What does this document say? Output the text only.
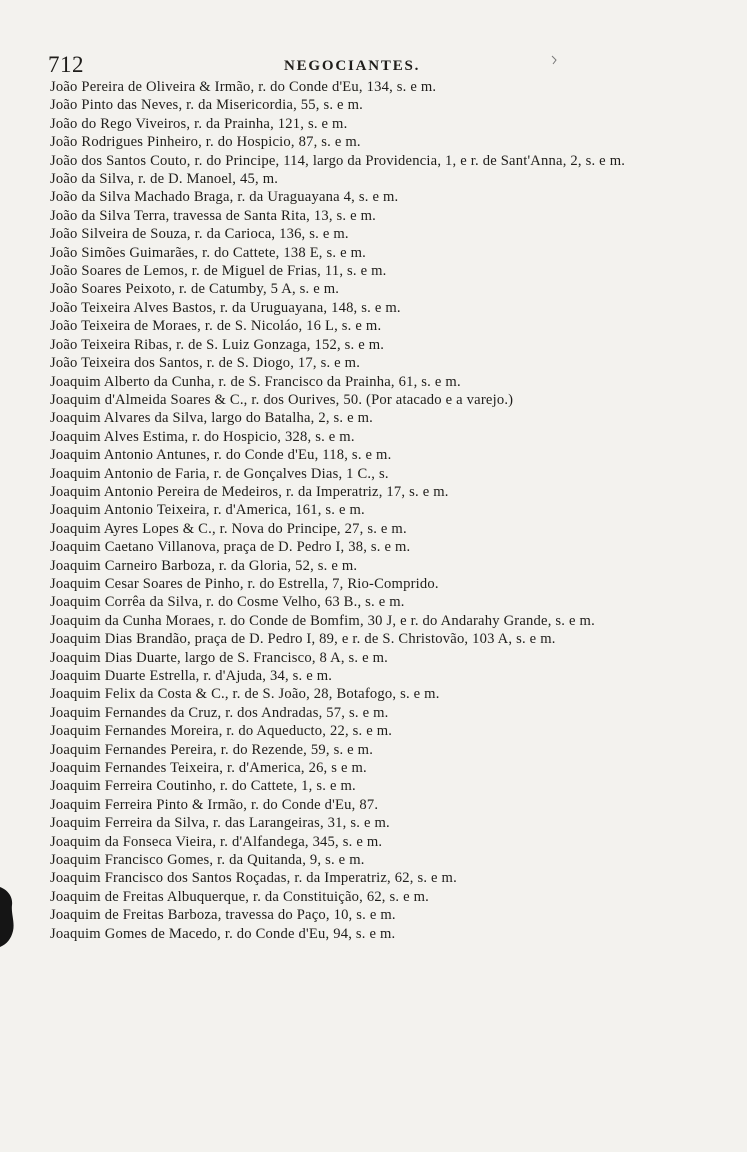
712	NEGOCIANTES.
João Pereira de Oliveira & Irmão, r. do Conde d'Eu, 134, s. e m.
João Pinto das Neves, r. da Misericordia, 55, s. e m.
João do Rego Viveiros, r. da Prainha, 121, s. e m.
João Rodrigues Pinheiro, r. do Hospicio, 87, s. e m.
João dos Santos Couto, r. do Principe, 114, largo da Providencia, 1, e r. de Sant'Anna, 2, s. e m.
João da Silva, r. de D. Manoel, 45, m.
João da Silva Machado Braga, r. da Uraguayana 4, s. e m.
João da Silva Terra, travessa de Santa Rita, 13, s. e m.
João Silveira de Souza, r. da Carioca, 136, s. e m.
João Simões Guimarães, r. do Cattete, 138 E, s. e m.
João Soares de Lemos, r. de Miguel de Frias, 11, s. e m.
João Soares Peixoto, r. de Catumby, 5 A, s. e m.
João Teixeira Alves Bastos, r. da Uruguayana, 148, s. e m.
João Teixeira de Moraes, r. de S. Nicoláo, 16 L, s. e m.
João Teixeira Ribas, r. de S. Luiz Gonzaga, 152, s. e m.
João Teixeira dos Santos, r. de S. Diogo, 17, s. e m.
Joaquim Alberto da Cunha, r. de S. Francisco da Prainha, 61, s. e m.
Joaquim d'Almeida Soares & C., r. dos Ourives, 50. (Por atacado e a varejo.)
Joaquim Alvares da Silva, largo do Batalha, 2, s. e m.
Joaquim Alves Estima, r. do Hospicio, 328, s. e m.
Joaquim Antonio Antunes, r. do Conde d'Eu, 118, s. e m.
Joaquim Antonio de Faria, r. de Gonçalves Dias, 1 C., s.
Joaquim Antonio Pereira de Medeiros, r. da Imperatriz, 17, s. e m.
Joaquim Antonio Teixeira, r. d'America, 161, s. e m.
Joaquim Ayres Lopes & C., r. Nova do Principe, 27, s. e m.
Joaquim Caetano Villanova, praça de D. Pedro I, 38, s. e m.
Joaquim Carneiro Barboza, r. da Gloria, 52, s. e m.
Joaquim Cesar Soares de Pinho, r. do Estrella, 7, Rio-Comprido.
Joaquim Corrêa da Silva, r. do Cosme Velho, 63 B., s. e m.
Joaquim da Cunha Moraes, r. do Conde de Bomfim, 30 J, e r. do Andarahy Grande, s. e m.
Joaquim Dias Brandão, praça de D. Pedro I, 89, e r. de S. Christovão, 103 A, s. e m.
Joaquim Dias Duarte, largo de S. Francisco, 8 A, s. e m.
Joaquim Duarte Estrella, r. d'Ajuda, 34, s. e m.
Joaquim Felix da Costa & C., r. de S. João, 28, Botafogo, s. e m.
Joaquim Fernandes da Cruz, r. dos Andradas, 57, s. e m.
Joaquim Fernandes Moreira, r. do Aqueducto, 22, s. e m.
Joaquim Fernandes Pereira, r. do Rezende, 59, s. e m.
Joaquim Fernandes Teixeira, r. d'America, 26, s e m.
Joaquim Ferreira Coutinho, r. do Cattete, 1, s. e m.
Joaquim Ferreira Pinto & Irmão, r. do Conde d'Eu, 87.
Joaquim Ferreira da Silva, r. das Larangeiras, 31, s. e m.
Joaquim da Fonseca Vieira, r. d'Alfandega, 345, s. e m.
Joaquim Francisco Gomes, r. da Quitanda, 9, s. e m.
Joaquim Francisco dos Santos Roçadas, r. da Imperatriz, 62, s. e m.
Joaquim de Freitas Albuquerque, r. da Constituição, 62, s. e m.
Joaquim de Freitas Barboza, travessa do Paço, 10, s. e m.
Joaquim Gomes de Macedo, r. do Conde d'Eu, 94, s. e m.
